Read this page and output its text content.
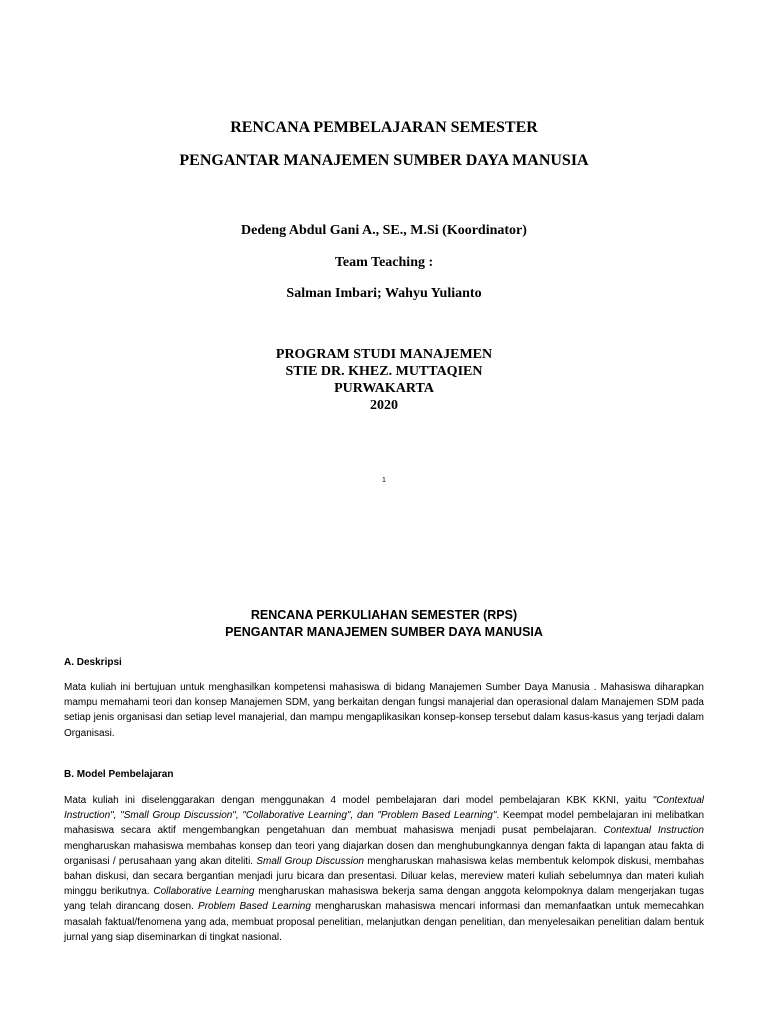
RENCANA PEMBELAJARAN SEMESTER
PENGANTAR MANAJEMEN SUMBER DAYA MANUSIA
Dedeng Abdul Gani A., SE., M.Si (Koordinator)
Team Teaching :
Salman Imbari; Wahyu Yulianto
PROGRAM STUDI MANAJEMEN
STIE DR. KHEZ. MUTTAQIEN
PURWAKARTA
2020
1
RENCANA PERKULIAHAN SEMESTER (RPS)
PENGANTAR MANAJEMEN SUMBER DAYA MANUSIA
A. Deskripsi

Mata kuliah ini bertujuan untuk menghasilkan kompetensi mahasiswa di bidang Manajemen Sumber Daya Manusia . Mahasiswa diharapkan mampu memahami teori dan konsep Manajemen SDM, yang berkaitan dengan fungsi manajerial dan operasional dalam Manajemen SDM pada setiap jenis organisasi dan setiap level manajerial, dan mampu mengaplikasikan konsep-konsep tersebut dalam kasus-kasus yang terjadi dalam Organisasi.

B. Model Pembelajaran

Mata kuliah ini diselenggarakan dengan menggunakan 4 model pembelajaran dari model pembelajaran KBK KKNI, yaitu "Contextual Instruction", "Small Group Discussion", "Collaborative Learning", dan "Problem Based Learning". Keempat model pembelajaran ini melibatkan mahasiswa secara aktif mengembangkan pengetahuan dan membuat mahasiswa menjadi pusat pembelajaran. Contextual Instruction mengharuskan mahasiswa membahas konsep dan teori yang diajarkan dosen dan menghubungkannya dengan fakta di lapangan atau fakta di organisasi / perusahaan yang akan diteliti. Small Group Discussion mengharuskan mahasiswa kelas membentuk kelompok diskusi, membahas bahan diskusi, dan secara bergantian menjadi juru bicara dan presentasi. Diluar kelas, mereview materi kuliah sebelumnya dan materi kuliah minggu berikutnya. Collaborative Learning mengharuskan mahasiswa bekerja sama dengan anggota kelompoknya dalam mengerjakan tugas yang telah dirancang dosen. Problem Based Learning mengharuskan mahasiswa mencari informasi dan memanfaatkan untuk memecahkan masalah faktual/fenomena yang ada, membuat proposal penelitian, melanjutkan dengan penelitian, dan menyelesaikan penelitian dalam bentuk jurnal yang siap diseminarkan di tingkat nasional.
